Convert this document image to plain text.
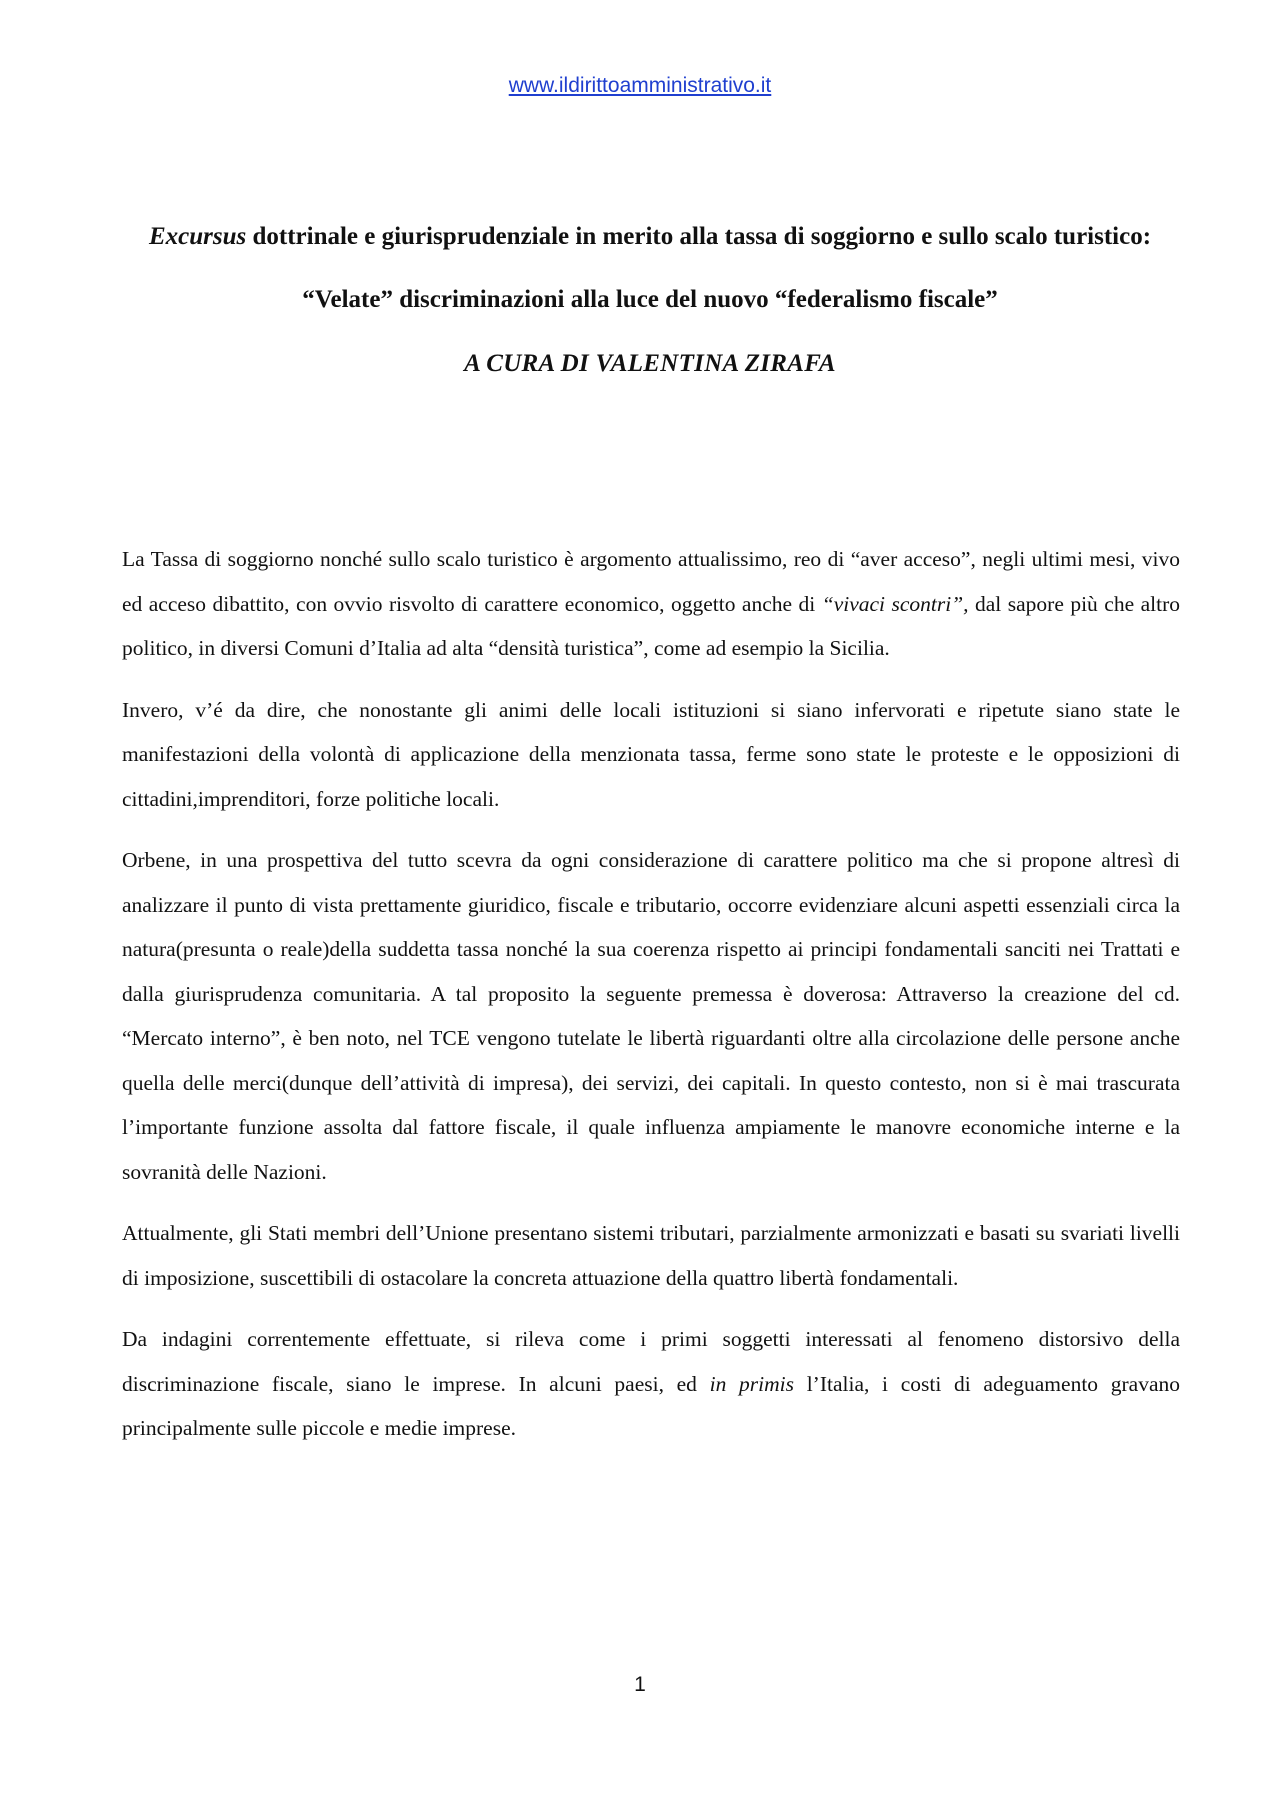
www.ildirittoamministrativo.it
Excursus dottrinale e giurisprudenziale in merito alla tassa di soggiorno e sullo scalo turistico:
“Velate” discriminazioni alla luce del nuovo “federalismo fiscale”
A CURA DI VALENTINA ZIRAFA

La Tassa di soggiorno nonché sullo scalo turistico è argomento attualissimo, reo di “aver acceso”, negli ultimi mesi, vivo ed acceso dibattito, con ovvio risvolto di carattere economico, oggetto anche di “vivaci scontri”, dal sapore più che altro politico, in diversi Comuni d’Italia ad alta “densità turistica”, come ad esempio la Sicilia.

Invero, v’é da dire, che nonostante gli animi delle locali istituzioni si siano infervorati e ripetute siano state le manifestazioni della volontà di applicazione della menzionata tassa, ferme sono state le proteste e le opposizioni di cittadini,imprenditori, forze politiche locali.

Orbene, in una prospettiva del tutto scevra da ogni considerazione di carattere politico ma che si propone altresì di analizzare il punto di vista prettamente giuridico, fiscale e tributario, occorre evidenziare alcuni aspetti essenziali circa la natura(presunta o reale)della suddetta tassa nonché la sua coerenza rispetto ai principi fondamentali sanciti nei Trattati e dalla giurisprudenza comunitaria. A tal proposito la seguente premessa è doverosa: Attraverso la creazione del cd. “Mercato interno”, è ben noto, nel TCE vengono tutelate le libertà riguardanti oltre alla circolazione delle persone anche quella delle merci(dunque dell’attività di impresa), dei servizi, dei capitali. In questo contesto, non si è mai trascurata l’importante funzione assolta dal fattore fiscale, il quale influenza ampiamente le manovre economiche interne e la sovranità delle Nazioni.

Attualmente, gli Stati membri dell’Unione presentano sistemi tributari, parzialmente armonizzati e basati su svariati livelli di imposizione, suscettibili di ostacolare la concreta attuazione della quattro libertà fondamentali.

Da indagini correntemente effettuate, si rileva come i primi soggetti interessati al fenomeno distorsivo della discriminazione fiscale, siano le imprese. In alcuni paesi, ed in primis l’Italia, i costi di adeguamento gravano principalmente sulle piccole e medie imprese.

1
